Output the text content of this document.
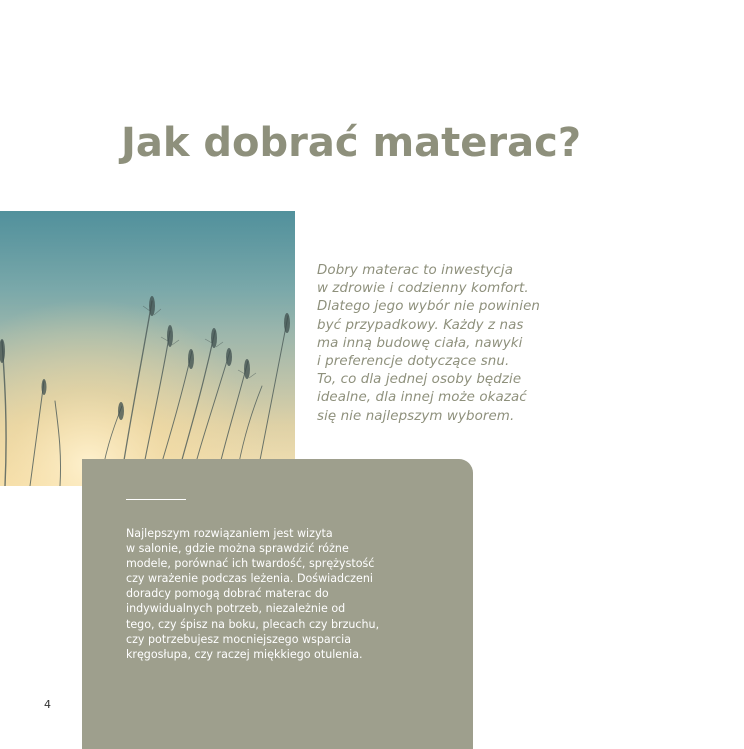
Jak dobrać materac?

Dobry materac to inwestycja
w zdrowie i codzienny komfort.
Dlatego jego wybór nie powinien
być przypadkowy. Każdy z nas
ma inną budowę ciała, nawyki
i preferencje dotyczące snu.
To, co dla jednej osoby będzie
idealne, dla innej może okazać
się nie najlepszym wyborem.

Najlepszym rozwiązaniem jest wizyta
w salonie, gdzie można sprawdzić różne
modele, porównać ich twardość, sprężystość
czy wrażenie podczas leżenia. Doświadczeni
doradcy pomogą dobrać materac do
indywidualnych potrzeb, niezależnie od
tego, czy śpisz na boku, plecach czy brzuchu,
czy potrzebujesz mocniejszego wsparcia
kręgosłupa, czy raczej miękkiego otulenia.

4
